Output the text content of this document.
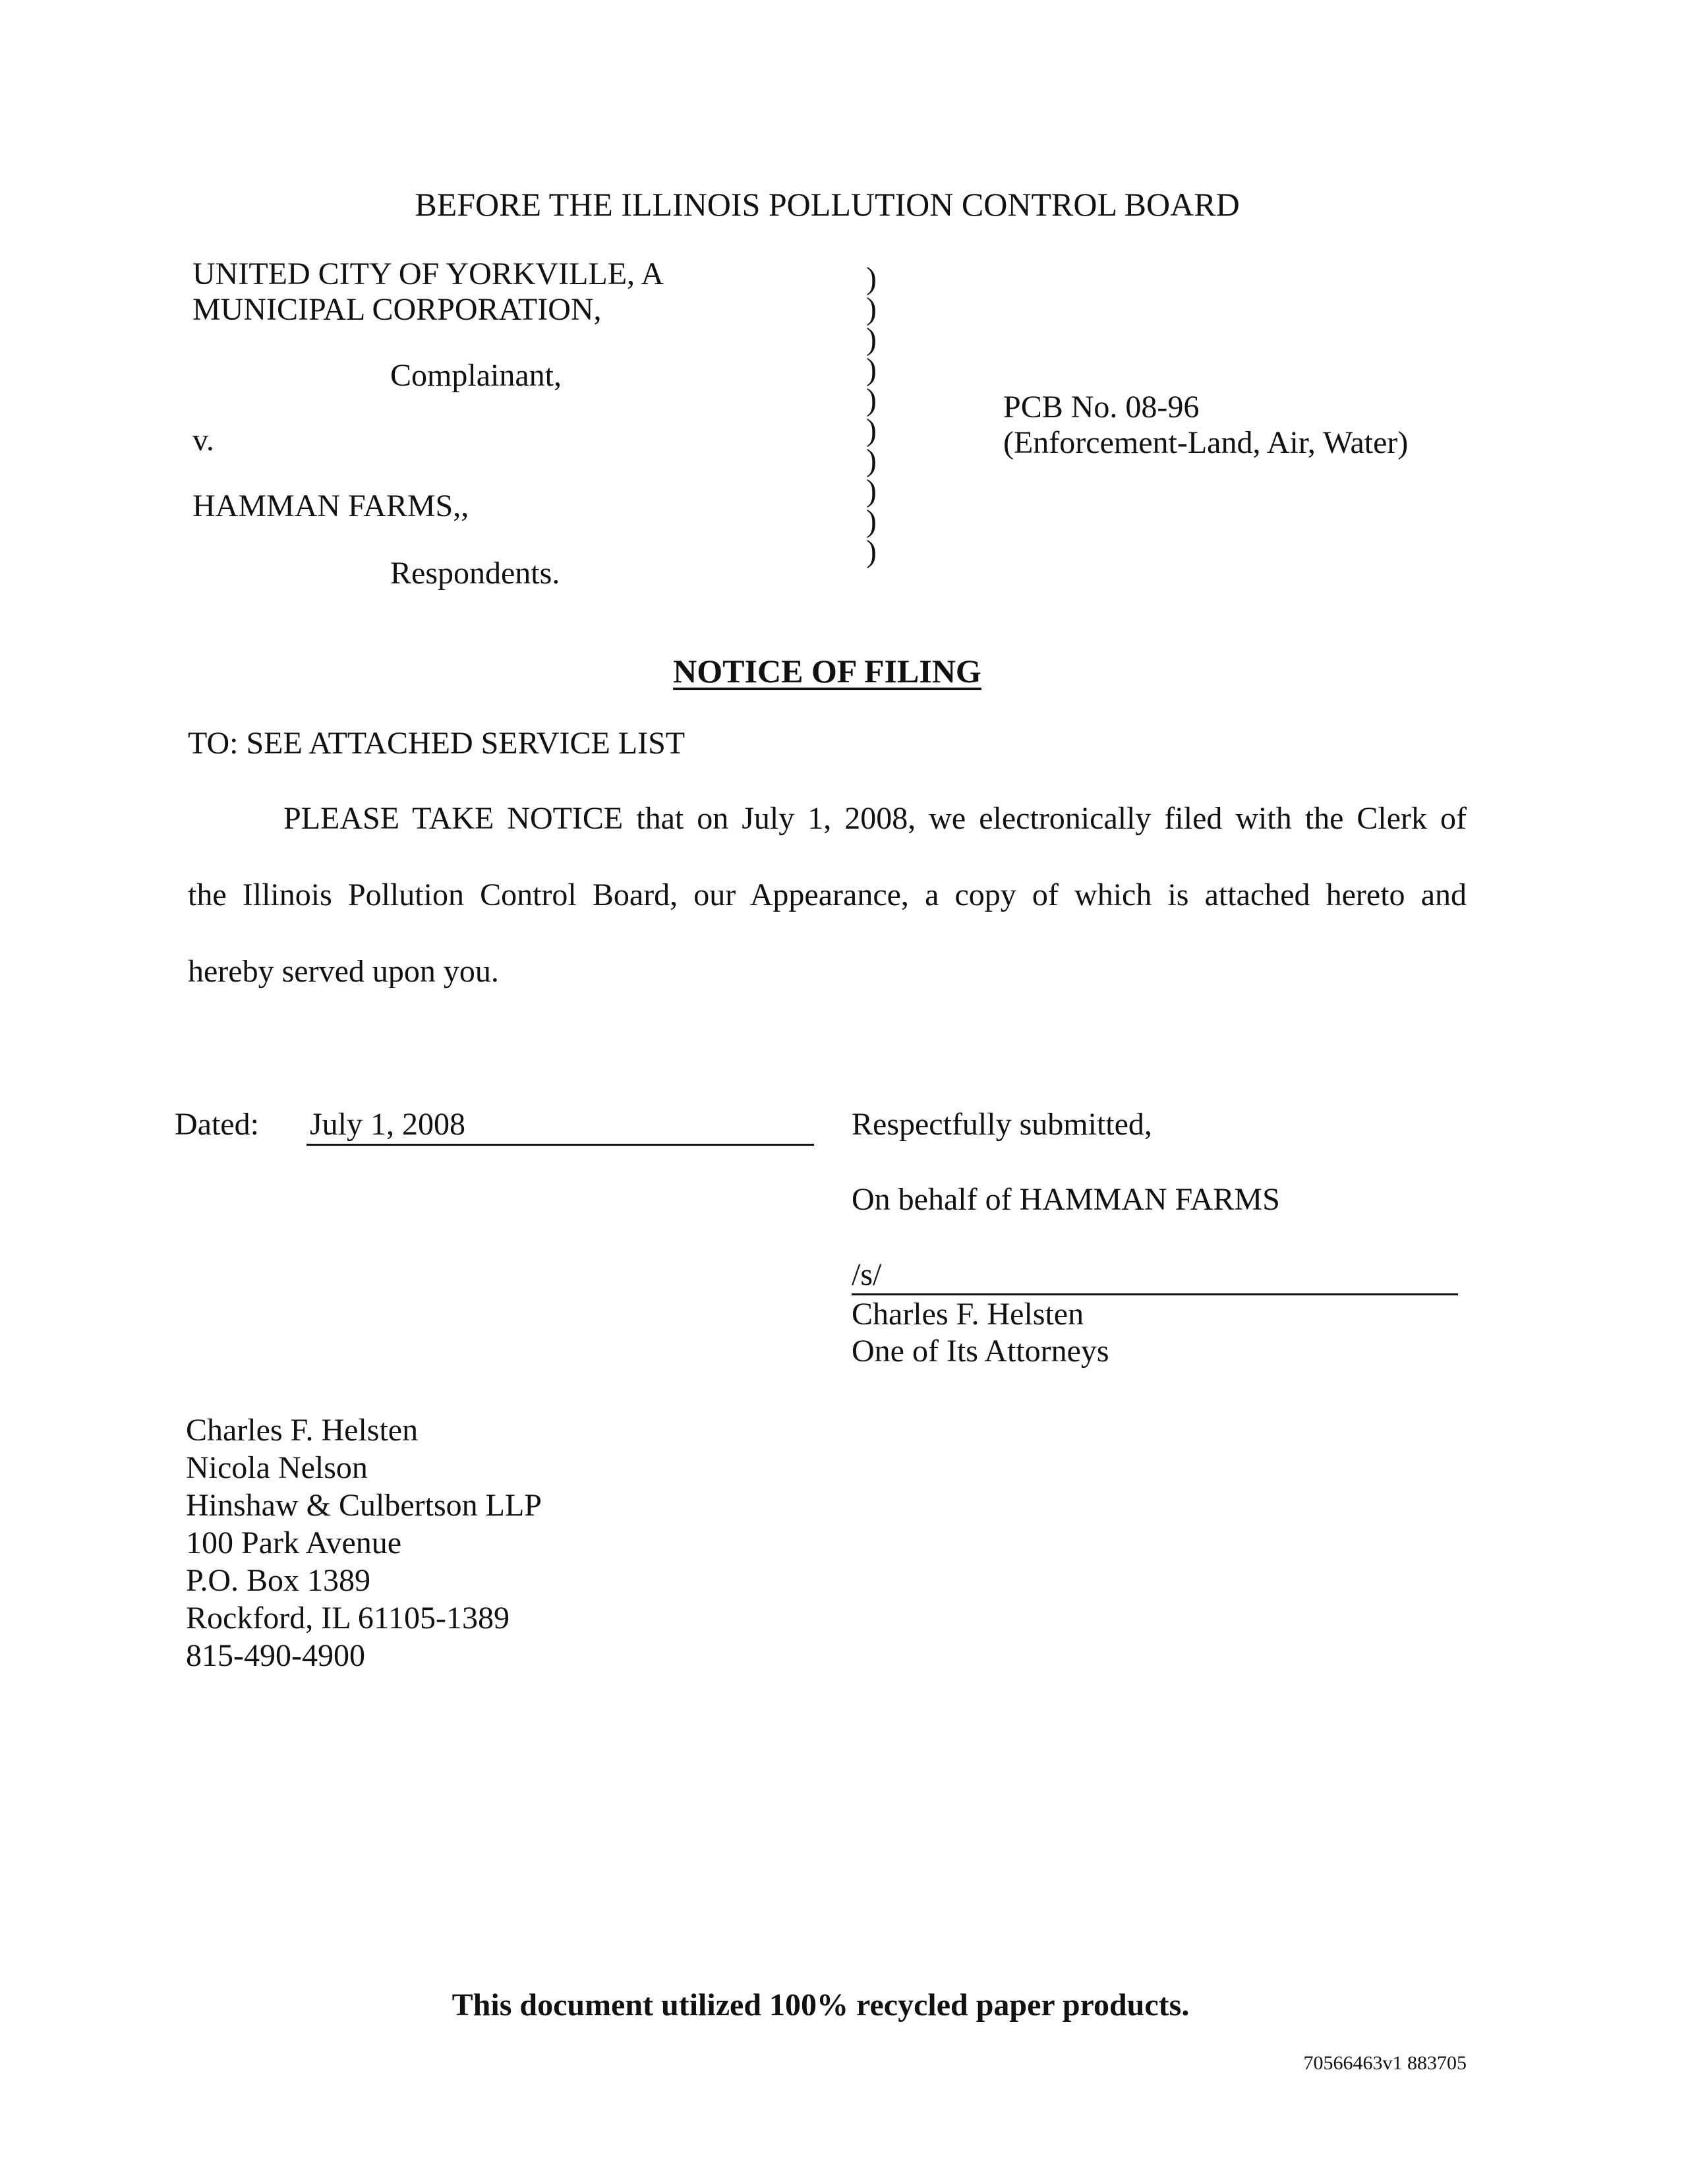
BEFORE THE ILLINOIS POLLUTION CONTROL BOARD
UNITED CITY OF YORKVILLE, A
MUNICIPAL CORPORATION,
Complainant,
v.
HAMMAN FARMS,,
Respondents.
)
)
)
)
)
)
)
)
)
)
PCB No. 08-96
(Enforcement-Land, Air, Water)
NOTICE OF FILING
TO: SEE ATTACHED SERVICE LIST
PLEASE TAKE NOTICE that on July 1, 2008, we electronically filed with the Clerk of
the Illinois Pollution Control Board, our Appearance, a copy of which is attached hereto and
hereby served upon you.
Dated: July 1, 2008	Respectfully submitted,
On behalf of HAMMAN FARMS
/s/
Charles F. Helsten
One of Its Attorneys
Charles F. Helsten
Nicola Nelson
Hinshaw & Culbertson LLP
100 Park Avenue
P.O. Box 1389
Rockford, IL 61105-1389
815-490-4900
This document utilized 100% recycled paper products.
70566463v1 883705
